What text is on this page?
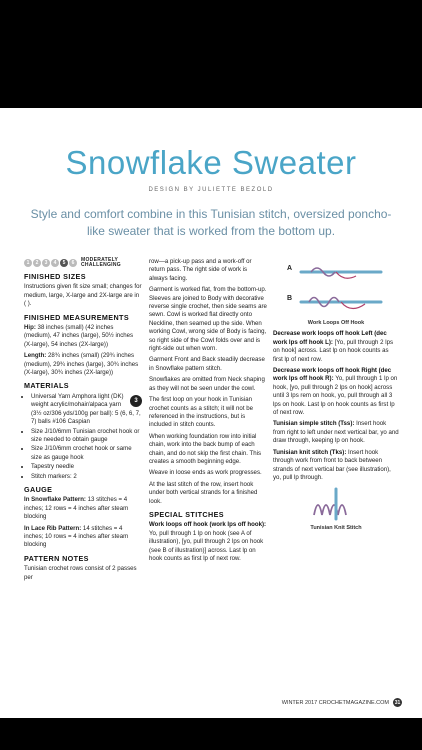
Snowflake Sweater
DESIGN BY JULIETTE BEZOLD
Style and comfort combine in this Tunisian stitch, oversized poncho-like sweater that is worked from the bottom up.
1	2	3	4	5	6	MODERATELY
CHALLENGING
FINISHED SIZES

Instructions given fit size small; changes for medium, large, X-large and 2X-large are in ( ).

FINISHED MEASUREMENTS

Hip: 38 inches (small) (42 inches (medium), 47 inches (large), 50½ inches (X-large), 54 inches (2X-large))

Length: 28¾ inches (small) (29¾ inches (medium), 29¾ inches (large), 30¾ inches (X-large), 30¾ inches (2X-large))

MATERIALS
• 3
Universal Yarn Amphora light (DK) weight acrylic/mohair/alpaca yarn (3½ oz/306 yds/100g per ball): 5 (6, 6, 7, 7) balls #106 Caspian
• Size J/10/6mm Tunisian crochet hook or size needed to obtain gauge
• Size J/10/6mm crochet hook or same size as gauge hook
• Tapestry needle
• Stitch markers: 2
GAUGE

In Snowflake Pattern: 13 stitches = 4 inches; 12 rows = 4 inches after steam blocking

In Lace Rib Pattern: 14 stitches = 4 inches; 10 rows = 4 inches after steam blocking

PATTERN NOTES

Tunisian crochet rows consist of 2 passes per

row—a pick-up pass and a work-off or return pass. The right side of work is always facing.

Garment is worked flat, from the bottom-up. Sleeves are joined to Body with decorative reverse single crochet, then side seams are sewn. Cowl is worked flat directly onto Neckline, then seamed up the side. When working Cowl, wrong side of Body is facing, so right side of the Cowl folds over and is right-side out when worn.

Garment Front and Back steadily decrease in Snowflake pattern stitch.

Snowflakes are omitted from Neck shaping as they will not be seen under the cowl.

The first loop on your hook in Tunisian crochet counts as a stitch; it will not be referenced in the instructions, but is included in stitch counts.

When working foundation row into initial chain, work into the back bump of each chain, and do not skip the first chain. This creates a smooth beginning edge.

Weave in loose ends as work progresses.

At the last stitch of the row, insert hook under both vertical strands for a finished look.

SPECIAL STITCHES

Work loops off hook (work lps off hook): Yo, pull through 1 lp on hook (see A of illustration), [yo, pull through 2 lps on hook (see B of illustration)] across. Last lp on hook counts as first lp of next row.

A
B
Work Loops Off Hook

Decrease work loops off hook Left (dec work lps off hook L): [Yo, pull through 2 lps on hook] across. Last lp on hook counts as first lp of next row.

Decrease work loops off hook Right (dec work lps off hook R): Yo, pull through 1 lp on hook, [yo, pull through 2 lps on hook] across until 3 lps rem on hook, yo, pull through all 3 lps on hook. Last lp on hook counts as first lp of next row.

Tunisian simple stitch (Tss): Insert hook from right to left under next vertical bar, yo and draw through, keeping lp on hook.

Tunisian knit stitch (Tks): Insert hook through work from front to back between strands of next vertical bar (see illustration), yo, pull lp through.

Tunisian Knit Stitch
WINTER 2017 CROCHETMAGAZINE.COM	31
